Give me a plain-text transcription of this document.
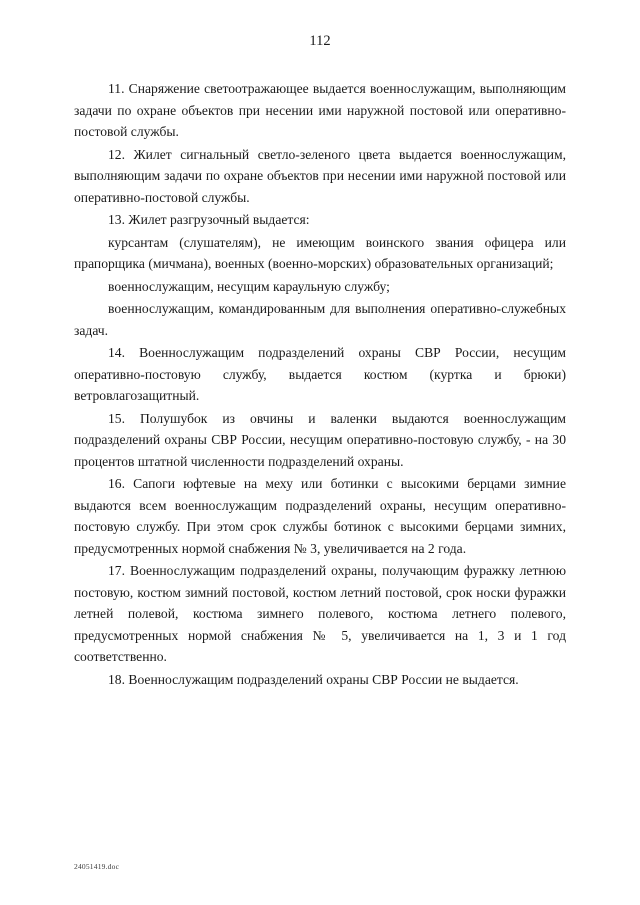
112

11. Снаряжение светоотражающее выдается военнослужащим, выполняющим задачи по охране объектов при несении ими наружной постовой или оперативно-постовой службы.

12. Жилет сигнальный светло-зеленого цвета выдается военнослужащим, выполняющим задачи по охране объектов при несении ими наружной постовой или оперативно-постовой службы.

13. Жилет разгрузочный выдается:

курсантам (слушателям), не имеющим воинского звания офицера или прапорщика (мичмана), военных (военно-морских) образовательных организаций;

военнослужащим, несущим караульную службу;

военнослужащим, командированным для выполнения оперативно-служебных задач.

14. Военнослужащим подразделений охраны СВР России, несущим оперативно-постовую службу, выдается костюм (куртка и брюки) ветровлагозащитный.

15. Полушубок из овчины и валенки выдаются военнослужащим подразделений охраны СВР России, несущим оперативно-постовую службу, - на 30 процентов штатной численности подразделений охраны.

16. Сапоги юфтевые на меху или ботинки с высокими берцами зимние выдаются всем военнослужащим подразделений охраны, несущим оперативно-постовую службу. При этом срок службы ботинок с высокими берцами зимних, предусмотренных нормой снабжения № 3, увеличивается на 2 года.

17. Военнослужащим подразделений охраны, получающим фуражку летнюю постовую, костюм зимний постовой, костюм летний постовой, срок носки фуражки летней полевой, костюма зимнего полевого, костюма летнего полевого, предусмотренных нормой снабжения № 5, увеличивается на 1, 3 и 1 год соответственно.

18. Военнослужащим подразделений охраны СВР России не выдается.

24051419.doc
